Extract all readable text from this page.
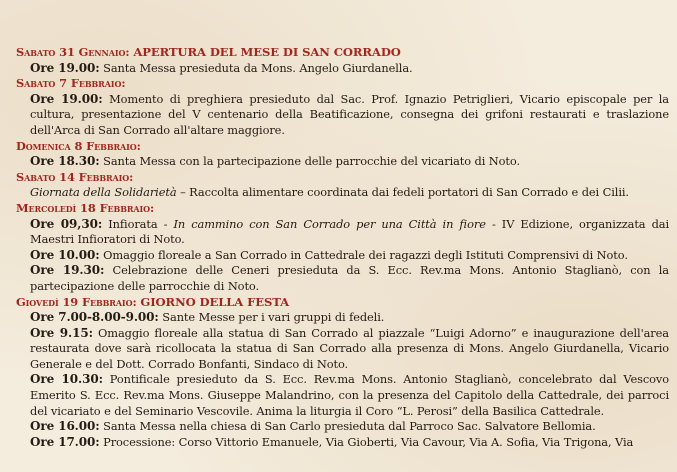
Sabato 31 Gennaio: APERTURA DEL MESE DI SAN CORRADO
Ore 19.00: Santa Messa presieduta da Mons. Angelo Giurdanella.
Sabato 7 Febbraio:
Ore 19.00: Momento di preghiera presieduto dal Sac. Prof. Ignazio Petriglieri, Vicario episcopale per la cultura, presentazione del V centenario della Beatificazione, consegna dei grifoni restaurati e traslazione dell'Arca di San Corrado all'altare maggiore.
Domenica 8 Febbraio:
Ore 18.30: Santa Messa con la partecipazione delle parrocchie del vicariato di Noto.
Sabato 14 Febbraio:
Giornata della Solidarietà – Raccolta alimentare coordinata dai fedeli portatori di San Corrado e dei Cilii.
Mercoledì 18 Febbraio:
Ore 09,30: Infiorata - In cammino con San Corrado per una Città in fiore - IV Edizione, organizzata dai Maestri Infioratori di Noto.
Ore 10.00: Omaggio floreale a San Corrado in Cattedrale dei ragazzi degli Istituti Comprensivi di Noto.
Ore 19.30: Celebrazione delle Ceneri presieduta da S. Ecc. Rev.ma Mons. Antonio Staglianò, con la partecipazione delle parrocchie di Noto.
Giovedì 19 Febbraio: GIORNO DELLA FESTA
Ore 7.00-8.00-9.00: Sante Messe per i vari gruppi di fedeli.
Ore 9.15: Omaggio floreale alla statua di San Corrado al piazzale “Luigi Adorno” e inaugurazione dell'area restaurata dove sarà ricollocata la statua di San Corrado alla presenza di Mons. Angelo Giurdanella, Vicario Generale e del Dott. Corrado Bonfanti, Sindaco di Noto.
Ore 10.30: Pontificale presieduto da S. Ecc. Rev.ma Mons. Antonio Staglianò, concelebrato dal Vescovo Emerito S. Ecc. Rev.ma Mons. Giuseppe Malandrino, con la presenza del Capitolo della Cattedrale, dei parroci del vicariato e del Seminario Vescovile. Anima la liturgia il Coro “L. Perosi” della Basilica Cattedrale.
Ore 16.00: Santa Messa nella chiesa di San Carlo presieduta dal Parroco Sac. Salvatore Bellomia.
Ore 17.00: Processione: Corso Vittorio Emanuele, Via Gioberti, Via Cavour, Via A. Sofia, Via Trigona, Via
